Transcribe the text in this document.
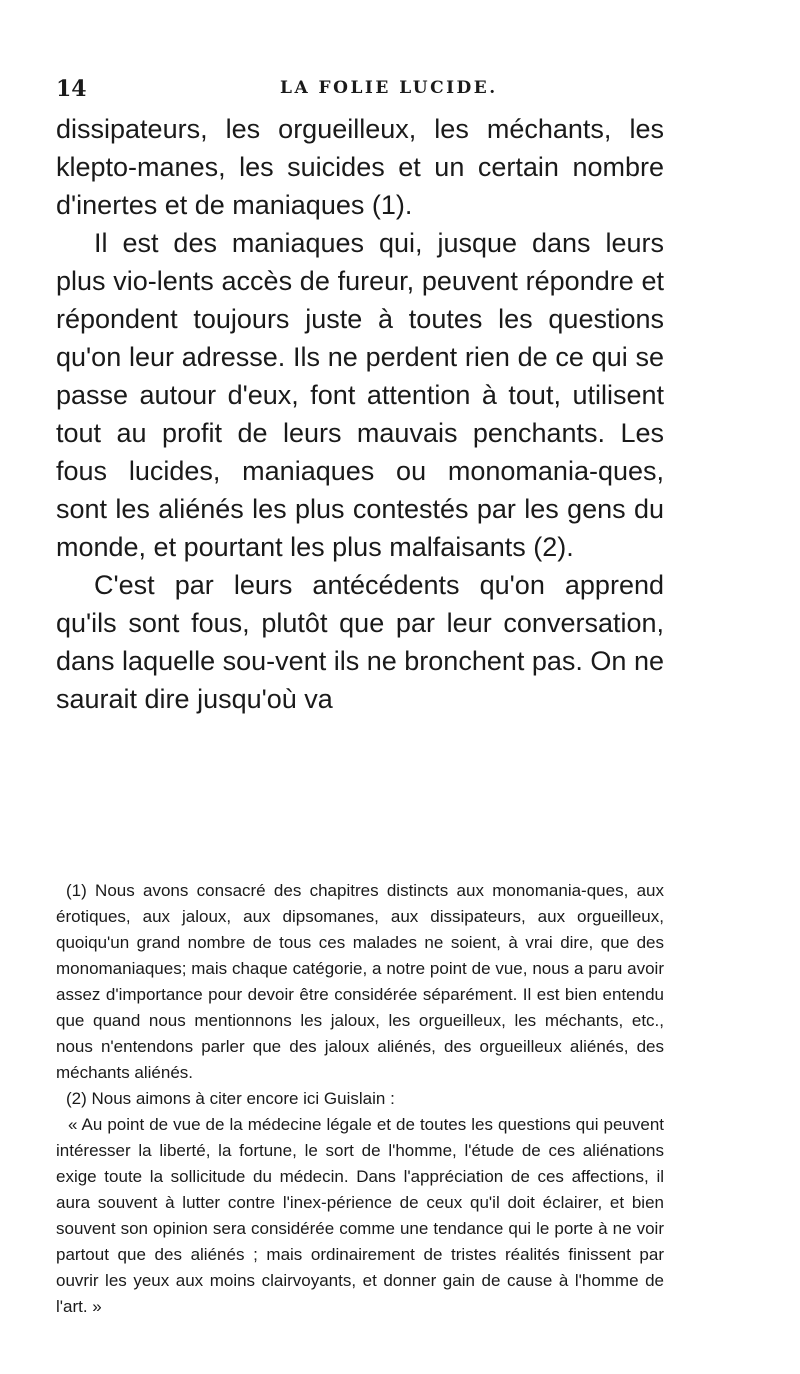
14	LA FOLIE LUCIDE.

dissipateurs, les orgueilleux, les méchants, les klepto-manes, les suicides et un certain nombre d'inertes et de maniaques (1).

Il est des maniaques qui, jusque dans leurs plus vio-lents accès de fureur, peuvent répondre et répondent toujours juste à toutes les questions qu'on leur adresse. Ils ne perdent rien de ce qui se passe autour d'eux, font attention à tout, utilisent tout au profit de leurs mauvais penchants. Les fous lucides, maniaques ou monomania-ques, sont les aliénés les plus contestés par les gens du monde, et pourtant les plus malfaisants (2).

C'est par leurs antécédents qu'on apprend qu'ils sont fous, plutôt que par leur conversation, dans laquelle sou-vent ils ne bronchent pas. On ne saurait dire jusqu'où va

(1) Nous avons consacré des chapitres distincts aux monomania-ques, aux érotiques, aux jaloux, aux dipsomanes, aux dissipateurs, aux orgueilleux, quoiqu'un grand nombre de tous ces malades ne soient, à vrai dire, que des monomaniaques; mais chaque catégorie, a notre point de vue, nous a paru avoir assez d'importance pour devoir être considérée séparément. Il est bien entendu que quand nous mentionnons les jaloux, les orgueilleux, les méchants, etc., nous n'entendons parler que des jaloux aliénés, des orgueilleux aliénés, des méchants aliénés.

(2) Nous aimons à citer encore ici Guislain :

« Au point de vue de la médecine légale et de toutes les questions qui peuvent intéresser la liberté, la fortune, le sort de l'homme, l'étude de ces aliénations exige toute la sollicitude du médecin. Dans l'appréciation de ces affections, il aura souvent à lutter contre l'inex-périence de ceux qu'il doit éclairer, et bien souvent son opinion sera considérée comme une tendance qui le porte à ne voir partout que des aliénés ; mais ordinairement de tristes réalités finissent par ouvrir les yeux aux moins clairvoyants, et donner gain de cause à l'homme de l'art. »
